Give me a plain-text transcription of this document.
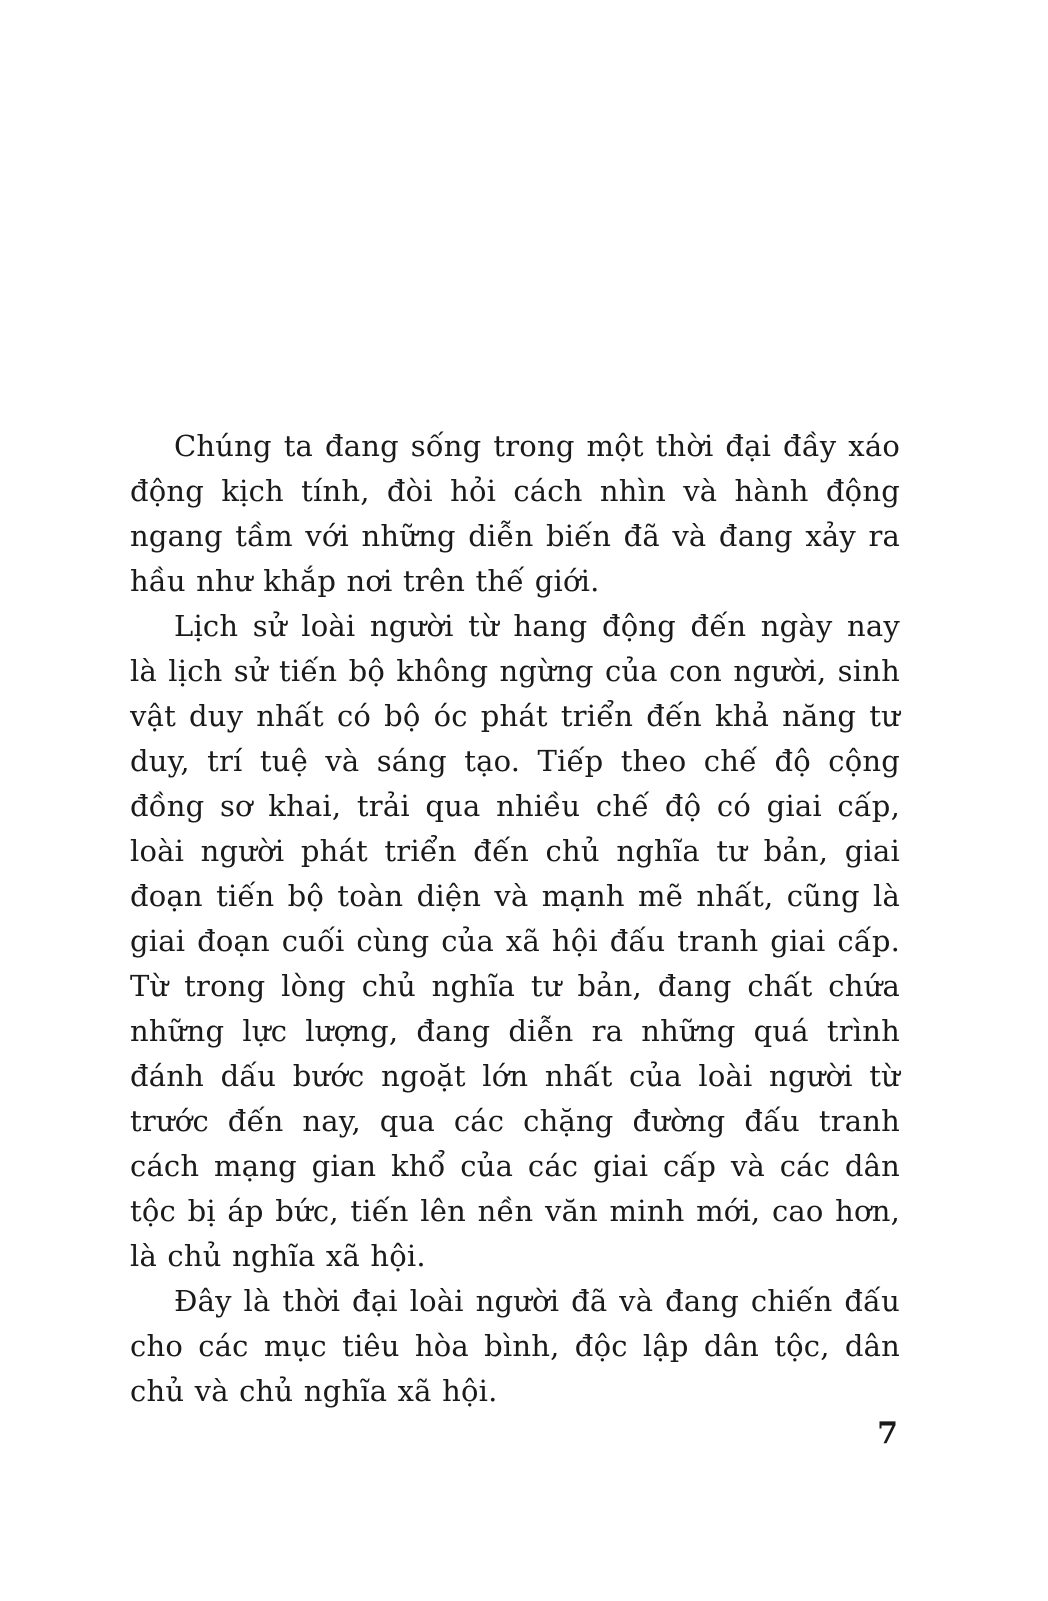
Chúng ta đang sống trong một thời đại đầy xáo động kịch tính, đòi hỏi cách nhìn và hành động ngang tầm với những diễn biến đã và đang xảy ra hầu như khắp nơi trên thế giới.

Lịch sử loài người từ hang động đến ngày nay là lịch sử tiến bộ không ngừng của con người, sinh vật duy nhất có bộ óc phát triển đến khả năng tư duy, trí tuệ và sáng tạo. Tiếp theo chế độ cộng đồng sơ khai, trải qua nhiều chế độ có giai cấp, loài người phát triển đến chủ nghĩa tư bản, giai đoạn tiến bộ toàn diện và mạnh mẽ nhất, cũng là giai đoạn cuối cùng của xã hội đấu tranh giai cấp. Từ trong lòng chủ nghĩa tư bản, đang chất chứa những lực lượng, đang diễn ra những quá trình đánh dấu bước ngoặt lớn nhất của loài người từ trước đến nay, qua các chặng đường đấu tranh cách mạng gian khổ của các giai cấp và các dân tộc bị áp bức, tiến lên nền văn minh mới, cao hơn, là chủ nghĩa xã hội.

Đây là thời đại loài người đã và đang chiến đấu cho các mục tiêu hòa bình, độc lập dân tộc, dân chủ và chủ nghĩa xã hội.

7
